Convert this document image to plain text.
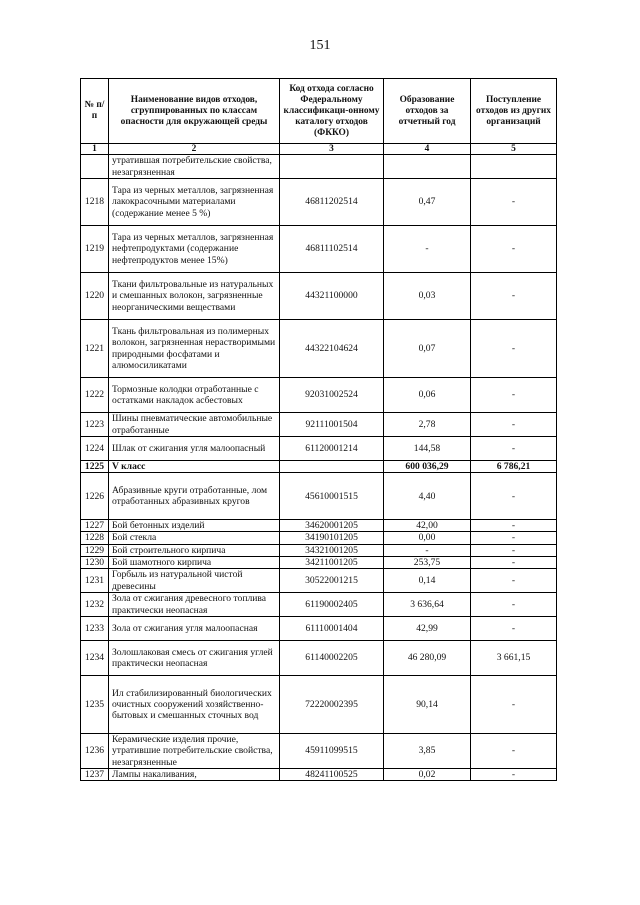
151
№ п/п	Наименование видов отходов, сгруппированных по классам опасности для окружающей среды	Код отхода согласно Федеральному классификаци-онному каталогу отходов (ФККО)	Образование отходов за отчетный год	Поступление отходов из других организаций
1	2	3	4	5
	утратившая потребительские свойства, незагрязненная			
1218	Тара из черных металлов, загрязненная лакокрасочными материалами (содержание менее 5 %)	46811202514	0,47	-
1219	Тара из черных металлов, загрязненная нефтепродуктами (содержание нефтепродуктов менее 15%)	46811102514	-	-
1220	Ткани фильтровальные из натуральных и смешанных волокон, загрязненные неорганическими веществами	44321100000	0,03	-
1221	Ткань фильтровальная из полимерных волокон, загрязненная нерастворимыми природными фосфатами и алюмосиликатами	44322104624	0,07	-
1222	Тормозные колодки отработанные с остатками накладок асбестовых	92031002524	0,06	-
1223	Шины пневматические автомобильные отработанные	92111001504	2,78	-
1224	Шлак от сжигания угля малоопасный	61120001214	144,58	-
1225	V класс		600 036,29	6 786,21
1226	Абразивные круги отработанные, лом отработанных абразивных кругов	45610001515	4,40	-
1227	Бой бетонных изделий	34620001205	42,00	-
1228	Бой стекла	34190101205	0,00	-
1229	Бой строительного кирпича	34321001205	-	-
1230	Бой шамотного кирпича	34211001205	253,75	-
1231	Горбыль из натуральной чистой древесины	30522001215	0,14	-
1232	Зола от сжигания древесного топлива практически неопасная	61190002405	3 636,64	-
1233	Зола от сжигания угля малоопасная	61110001404	42,99	-
1234	Золошлаковая смесь от сжигания углей практически неопасная	61140002205	46 280,09	3 661,15
1235	Ил стабилизированный биологических очистных сооружений хозяйственно-бытовых и смешанных сточных вод	72220002395	90,14	-
1236	Керамические изделия прочие, утратившие потребительские свойства, незагрязненные	45911099515	3,85	-
1237	Лампы накаливания,	48241100525	0,02	-
